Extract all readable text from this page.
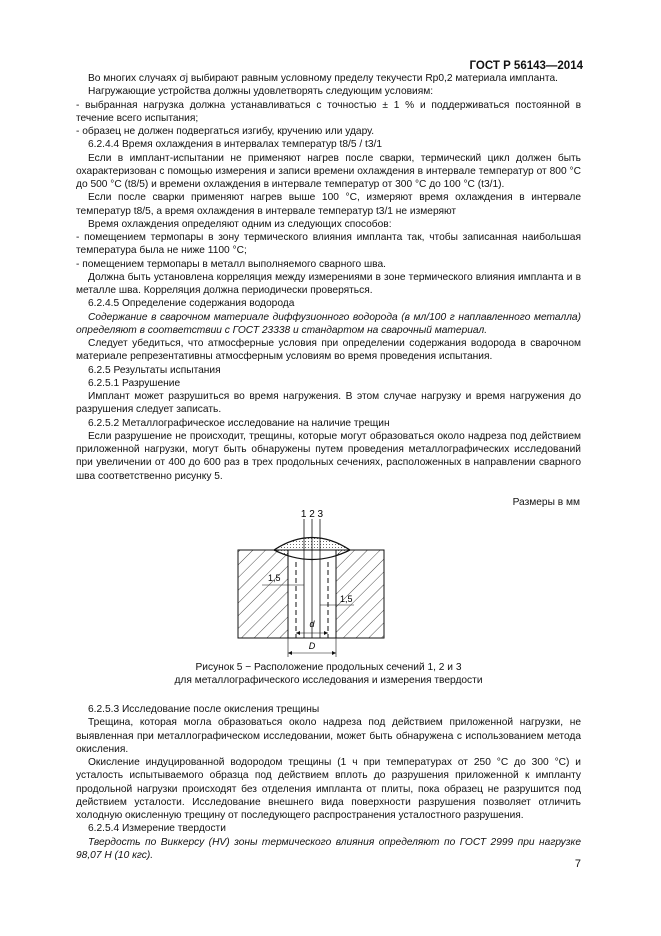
ГОСТ Р 56143—2014

Во многих случаях σj выбирают равным условному пределу текучести Rp0,2 материала импланта.

Нагружающие устройства должны удовлетворять следующим условиям:

- выбранная нагрузка должна устанавливаться с точностью ± 1 % и поддерживаться постоянной в течение всего испытания;

- образец не должен подвергаться изгибу, кручению или удару.

6.2.4.4 Время охлаждения в интервалах температур t8/5 / t3/1

Если в имплант-испытании не применяют нагрев после сварки, термический цикл должен быть охарактеризован с помощью измерения и записи времени охлаждения в интервале температур от 800 °С до 500 °С (t8/5) и времени охлаждения в интервале температур от 300 °С до 100 °С (t3/1).

Если после сварки применяют нагрев выше 100 °С, измеряют время охлаждения в интервале температур t8/5, а время охлаждения в интервале температур t3/1 не измеряют

Время охлаждения определяют одним из следующих способов:

- помещением термопары в зону термического влияния импланта так, чтобы записанная наибольшая температура была не ниже 1100 °С;

- помещением термопары в металл выполняемого сварного шва.

Должна быть установлена корреляция между измерениями в зоне термического влияния импланта и в металле шва. Корреляция должна периодически проверяться.

6.2.4.5 Определение содержания водорода

Содержание в сварочном материале диффузионного водорода (в мл/100 г наплавленного металла) определяют в соответствии с ГОСТ 23338 и стандартом на сварочный материал.

Следует убедиться, что атмосферные условия при определении содержания водорода в сварочном материале репрезентативны атмосферным условиям во время проведения испытания.

6.2.5 Результаты испытания

6.2.5.1 Разрушение

Имплант может разрушиться во время нагружения. В этом случае нагрузку и время нагружения до разрушения следует записать.

6.2.5.2 Металлографическое исследование на наличие трещин

Если разрушение не происходит, трещины, которые могут образоваться около надреза под действием приложенной нагрузки, могут быть обнаружены путем проведения металлографических исследований при увеличении от 400 до 600 раз в трех продольных сечениях, расположенных в направлении сварного шва соответственно рисунку 5.

Размеры в мм
1 2 3
1,5
1,5
d
D
Рисунок 5 − Расположение продольных сечений 1, 2 и 3
для металлографического исследования и измерения твердости

6.2.5.3 Исследование после окисления трещины

Трещина, которая могла образоваться около надреза под действием приложенной нагрузки, не выявленная при металлографическом исследовании, может быть обнаружена с использованием метода окисления.

Окисление индуцированной водородом трещины (1 ч при температурах от 250 °С до 300 °С) и усталость испытываемого образца под действием вплоть до разрушения приложенной к импланту продольной нагрузки происходят без отделения импланта от плиты, пока образец не разрушится под действием усталости. Исследование внешнего вида поверхности разрушения позволяет отличить холодную окисленную трещину от последующего распространения усталостного разрушения.

6.2.5.4 Измерение твердости

Твердость по Виккерсу (HV) зоны термического влияния определяют по ГОСТ 2999 при нагрузке 98,07 Н (10 кгс).

7
